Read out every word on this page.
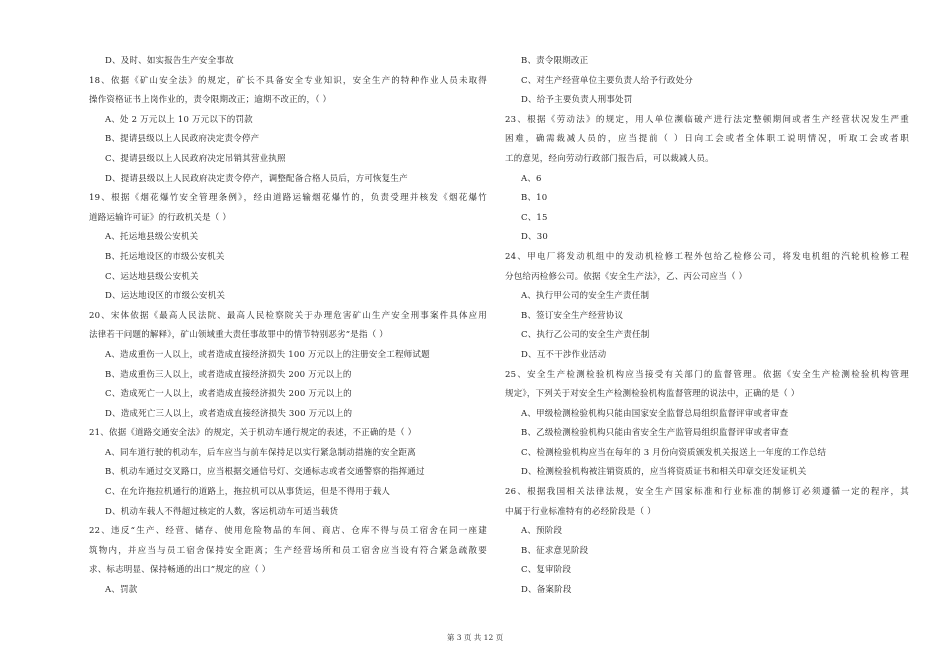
D、及时、如实报告生产安全事故
18、依据《矿山安全法》的规定，矿长不具备安全专业知识，安全生产的特种作业人员未取得
操作资格证书上岗作业的，责令限期改正；逾期不改正的，（ ）
A、处 2 万元以上 10 万元以下的罚款
B、提请县级以上人民政府决定责令停产
C、提请县级以上人民政府决定吊销其营业执照
D、提请县级以上人民政府决定责令停产，调整配备合格人员后，方可恢复生产
19、根据《烟花爆竹安全管理条例》，经由道路运输烟花爆竹的，负责受理并核发《烟花爆竹
道路运输许可证》的行政机关是（ ）
A、托运地县级公安机关
B、托运地设区的市级公安机关
C、运达地县级公安机关
D、运达地设区的市级公安机关
20、宋体依据《最高人民法院、最高人民检察院关于办理危害矿山生产安全刑事案件具体应用
法律若干问题的解释》，矿山领域重大责任事故罪中的情节特别恶劣”是指（ ）
A、造成重伤一人以上，或者造成直接经济损失 100 万元以上的注册安全工程师试题
B、造成重伤三人以上，或者造成直接经济损失 200 万元以上的
C、造成死亡一人以上，或者造成直接经济损失 200 万元以上的
D、造成死亡三人以上，或者造成直接经济损失 300 万元以上的
21、依据《道路交通安全法》的规定，关于机动车通行规定的表述，不正确的是（ ）
A、同车道行驶的机动车，后车应当与前车保持足以实行紧急制动措施的安全距离
B、机动车通过交叉路口，应当根据交通信号灯、交通标志或者交通警察的指挥通过
C、在允许拖拉机通行的道路上，拖拉机可以从事货运，但是不得用于载人
D、机动车载人不得超过核定的人数，客运机动车可适当载货
22、违反“生产、经营、储存、使用危险物品的车间、商店、仓库不得与员工宿舍在同一座建
筑物内，并应当与员工宿舍保持安全距离；生产经营场所和员工宿舍应当设有符合紧急疏散要
求、标志明显、保持畅通的出口”规定的应（ ）
A、罚款
B、责令限期改正
C、对生产经营单位主要负责人给予行政处分
D、给予主要负责人刑事处罚
23、根据《劳动法》的规定，用人单位濒临破产进行法定整顿期间或者生产经营状况发生严重
困难，确需裁减人员的，应当提前（ ）日向工会或者全体职工说明情况，听取工会或者职
工的意见，经向劳动行政部门报告后，可以裁减人员。
A、6
B、10
C、15
D、30
24、甲电厂将发动机组中的发动机检修工程外包给乙检修公司，将发电机组的汽轮机检修工程
分包给丙检修公司。依据《安全生产法》，乙、丙公司应当（ ）
A、执行甲公司的安全生产责任制
B、签订安全生产经营协议
C、执行乙公司的安全生产责任制
D、互不干涉作业活动
25、安全生产检测检验机构应当接受有关部门的监督管理。依据《安全生产检测检验机构管理
规定》，下列关于对安全生产检测检验机构监督管理的说法中，正确的是（ ）
A、甲级检测检验机构只能由国家安全监督总局组织监督评审或者审查
B、乙级检测检验机构只能由省安全生产监管局组织监督评审或者审查
C、检测检验机构应当在每年的 3 月份向资质颁发机关报送上一年度的工作总结
D、检测检验机构被注销资质的，应当将资质证书和相关印章交还发证机关
26、根据我国相关法律法规，安全生产国家标准和行业标准的制修订必须遵循一定的程序，其
中属于行业标准特有的必经阶段是（ ）
A、预阶段
B、征求意见阶段
C、复审阶段
D、备案阶段
第 3 页 共 12 页
